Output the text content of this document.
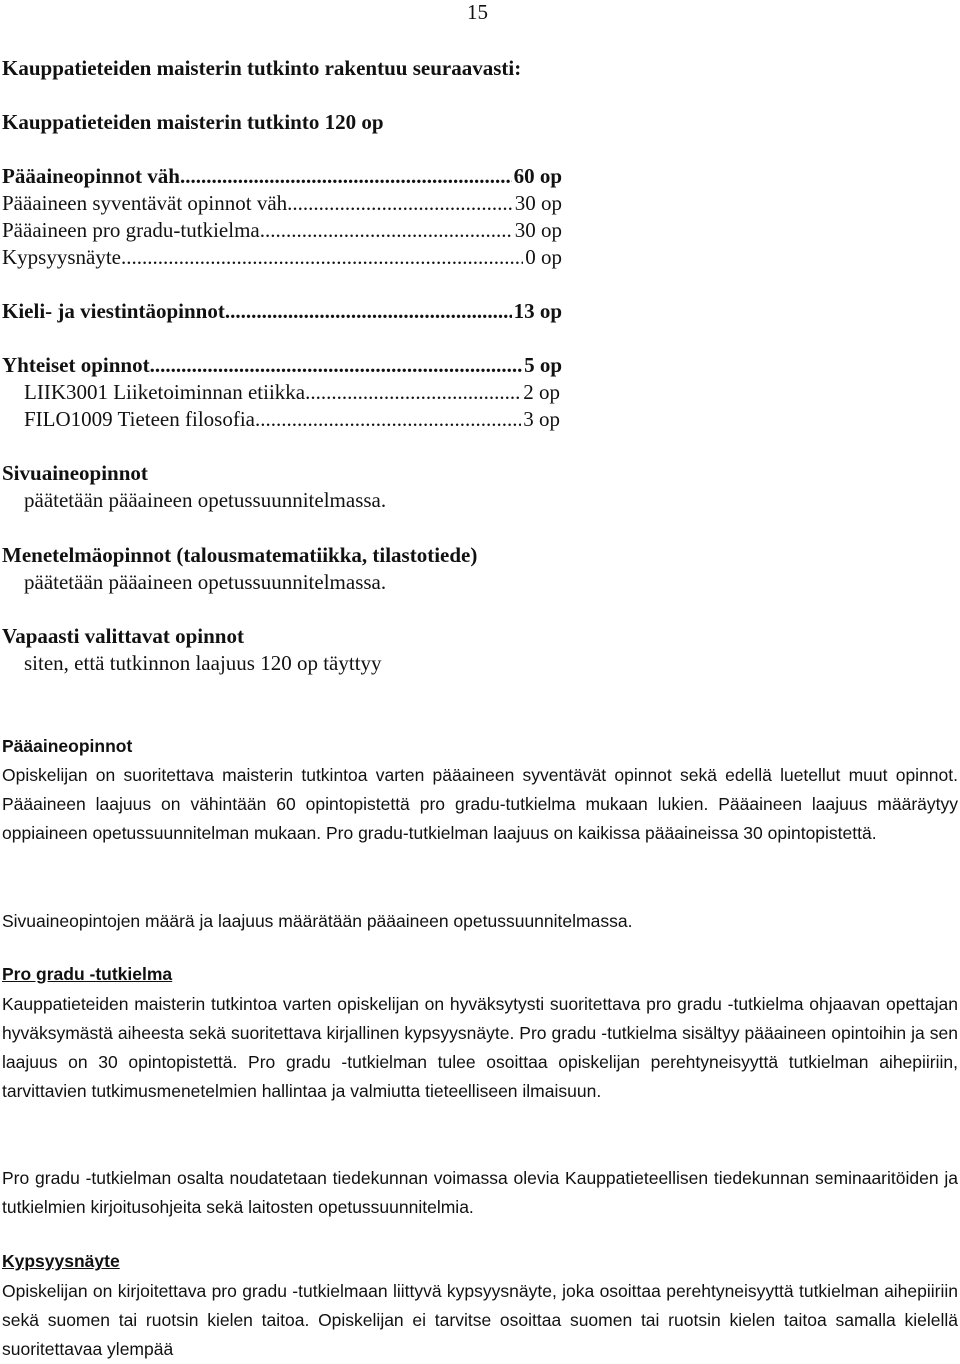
15
Kauppatieteiden maisterin tutkinto rakentuu seuraavasti:
Kauppatieteiden maisterin tutkinto 120 op
Pääaineopinnot väh. .....	60 op
Pääaineen syventävät opinnot väh. .....	30 op
Pääaineen pro gradu-tutkielma .....	30 op
Kypsyysnäyte .....	0 op
Kieli- ja viestintäopinnot .....	13 op
Yhteiset opinnot .....	5 op
LIIK3001 Liiketoiminnan etiikka .....	2 op
FILO1009 Tieteen filosofia .....	3 op
Sivuaineopinnot
päätetään pääaineen opetussuunnitelmassa.
Menetelmäopinnot (talousmatematiikka, tilastotiede)
päätetään pääaineen opetussuunnitelmassa.
Vapaasti valittavat opinnot
siten, että tutkinnon laajuus 120 op täyttyy
Pääaineopinnot
Opiskelijan on suoritettava maisterin tutkintoa varten pääaineen syventävät opinnot sekä edellä luetellut muut opinnot. Pääaineen laajuus on vähintään 60 opintopistettä pro gradu-tutkielma mukaan lukien. Pääaineen laajuus määräytyy oppiaineen opetussuunnitelman mukaan. Pro gradu-tutkielman laajuus on kaikissa pääaineissa 30 opintopistettä.
Sivuaineopintojen määrä ja laajuus määrätään pääaineen opetussuunnitelmassa.
Pro gradu -tutkielma
Kauppatieteiden maisterin tutkintoa varten opiskelijan on hyväksytysti suoritettava pro gradu -tutkielma ohjaavan opettajan hyväksymästä aiheesta sekä suoritettava kirjallinen kypsyysnäyte. Pro gradu -tutkielma sisältyy pääaineen opintoihin ja sen laajuus on 30 opintopistettä. Pro gradu -tutkielman tulee osoittaa opiskelijan perehtyneisyyttä tutkielman aihepiiriin, tarvittavien tutkimusmenetelmien hallintaa ja valmiutta tieteelliseen ilmaisuun.
Pro gradu -tutkielman osalta noudatetaan tiedekunnan voimassa olevia Kauppatieteellisen tiedekunnan seminaaritöiden ja tutkielmien kirjoitusohjeita sekä laitosten opetussuunnitelmia.
Kypsyysnäyte
Opiskelijan on kirjoitettava pro gradu -tutkielmaan liittyvä kypsyysnäyte, joka osoittaa perehtyneisyyttä tutkielman aihepiiriin sekä suomen tai ruotsin kielen taitoa. Opiskelijan ei tarvitse osoittaa suomen tai ruotsin kielen taitoa samalla kielellä suoritettavaa ylempää
